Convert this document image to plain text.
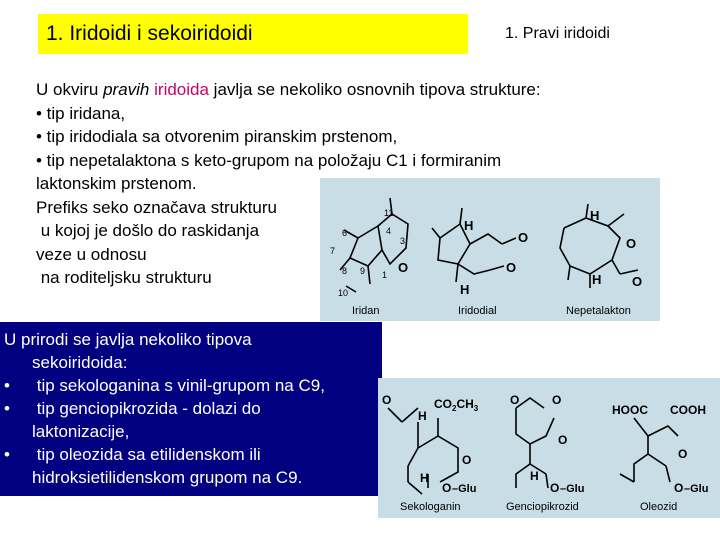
1. Iridoidi i sekoiridoidi	1. Pravi iridoidi
U okviru pravih iridoida javlja se nekoliko osnovnih tipova strukture:
• tip iridana,
• tip iridodiala sa otvorenim piranskim prstenom,
• tip nepetalaktona s keto-grupom na položaju C1 i formiranim
laktonskim prstenom.
Prefiks seko označava strukturu
u kojoj je došlo do raskidanja
veze u odnosu
na roditeljsku strukturu
11
6	4
7
3
8 9 1
10
O
H
O
O
H
H
O
O
H
Iridan	Iridodial	Nepetalakton
U prirodi se javlja nekoliko tipova
sekoiridoida:
• tip sekologanina s vinil-grupom na C9,
• tip genciopikrozida - dolazi do
laktonizacije,
• tip oleozida sa etilidenskom ili
hidroksietilidenskom grupom na C9.
O
H
$CO_2CH_3$
O
H
O
O	O
O
H
O
HOOC COOH
O
O
–Glu	–Glu	–Glu
Sekologanin	Genciopikrozid	Oleozid
